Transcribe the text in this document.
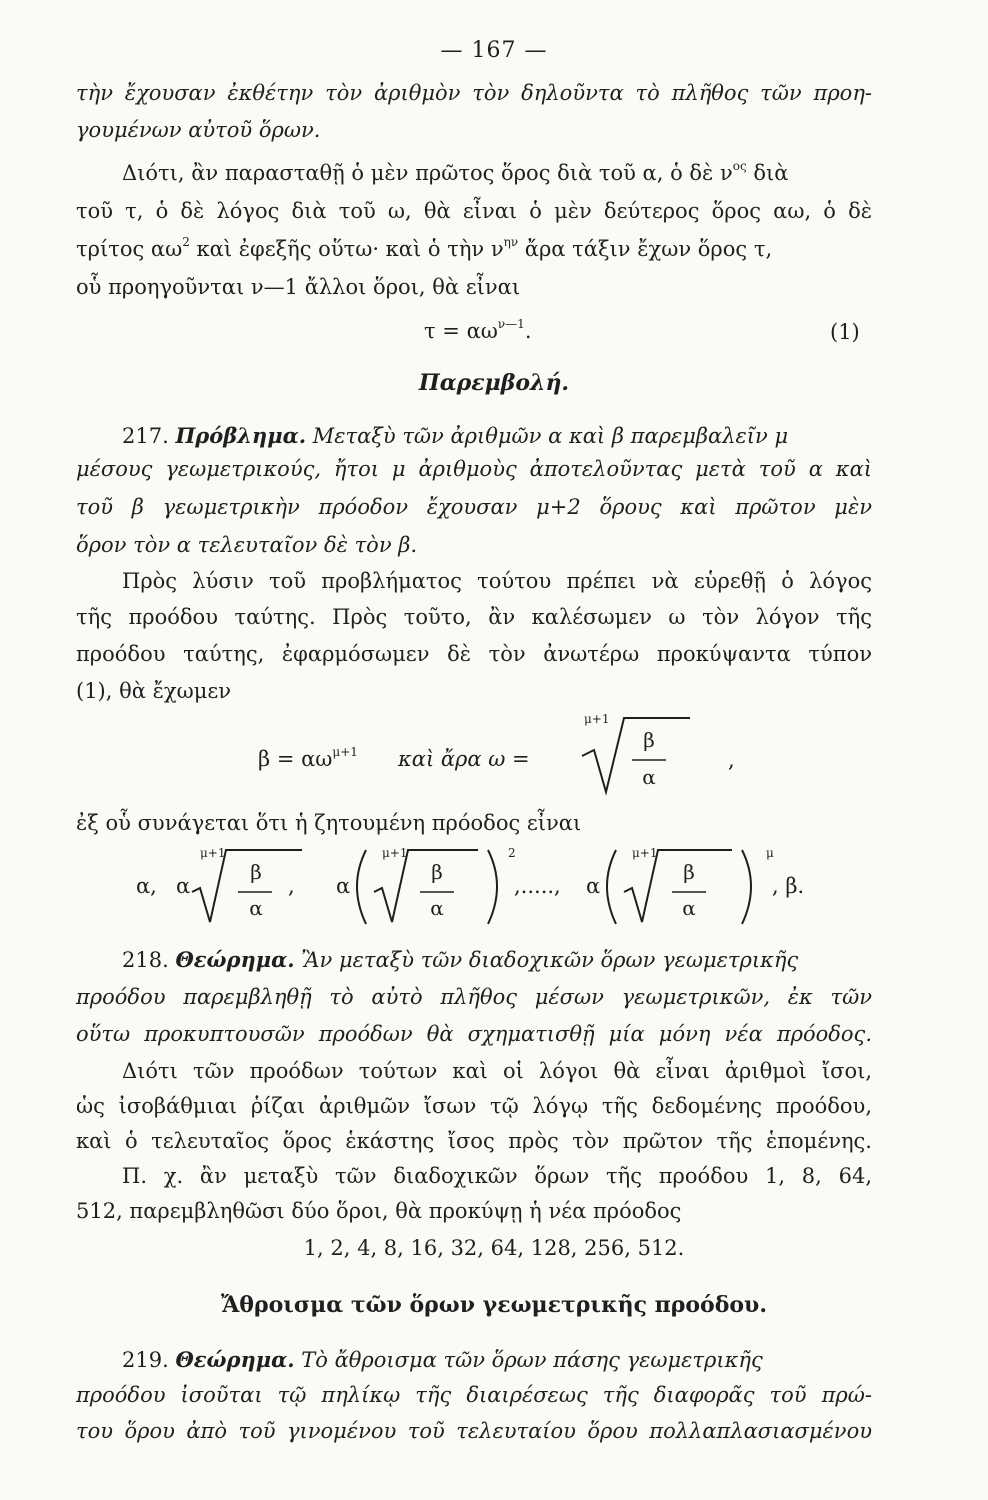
— 167 —
τὴν ἔχουσαν ἐκθέτην τὸν ἀριθμὸν τὸν δηλοῦντα τὸ πλῆθος τῶν προη-
γουμένων αὐτοῦ ὅρων.
Διότι, ἂν παρασταθῇ ὁ μὲν πρῶτος ὅρος διὰ τοῦ α, ὁ δὲ $\nu^{o\varsigma}$ διὰ
τοῦ τ, ὁ δὲ λόγος διὰ τοῦ ω, θὰ εἶναι ὁ μὲν δεύτερος ὅρος αω, ὁ δὲ
τρίτος $\alpha\omega^2$ καὶ ἐφεξῆς οὕτω· καὶ ὁ τὴν $\nu^{\eta\nu}$ ἄρα τάξιν ἔχων ὅρος τ,
οὗ προηγοῦνται ν—1 ἄλλοι ὅροι, θὰ εἶναι
$\tau = \alpha\omega^{\nu—1}$.	(1)
Παρεμβολή.
217. Πρόβλημα. Μεταξὺ τῶν ἀριθμῶν α καὶ β παρεμβαλεῖν μ
μέσους γεωμετρικούς, ἤτοι μ ἀριθμοὺς ἀποτελοῦντας μετὰ τοῦ α καὶ
τοῦ β γεωμετρικὴν πρόοδον ἔχουσαν μ+2 ὅρους καὶ πρῶτον μὲν
ὅρον τὸν α τελευταῖον δὲ τὸν β.
Πρὸς λύσιν τοῦ προβλήματος τούτου πρέπει νὰ εὑρεθῇ ὁ λόγος
τῆς προόδου ταύτης. Πρὸς τοῦτο, ἂν καλέσωμεν ω τὸν λόγον τῆς
προόδου ταύτης, ἐφαρμόσωμεν δὲ τὸν ἀνωτέρω προκύψαντα τύπον
(1), θὰ ἔχωμεν
$\beta = \alpha\omega^{\mu+1}$ καὶ ἄρα ω =
μ+1
β
α
,
ἐξ οὗ συνάγεται ὅτι ἡ ζητουμένη πρόοδος εἶναι
α, α
μ+1
β
α
, α
μ+1
β
α
2
,....., α
μ+1
β
α
μ
, β.
218. Θεώρημα. Ἂν μεταξὺ τῶν διαδοχικῶν ὅρων γεωμετρικῆς
προόδου παρεμβληθῇ τὸ αὐτὸ πλῆθος μέσων γεωμετρικῶν, ἐκ τῶν
οὕτω προκυπτουσῶν προόδων θὰ σχηματισθῇ μία μόνη νέα πρόοδος.
Διότι τῶν προόδων τούτων καὶ οἱ λόγοι θὰ εἶναι ἀριθμοὶ ἴσοι,
ὡς ἰσοβάθμιαι ῥίζαι ἀριθμῶν ἴσων τῷ λόγῳ τῆς δεδομένης προόδου,
καὶ ὁ τελευταῖος ὅρος ἑκάστης ἴσος πρὸς τὸν πρῶτον τῆς ἑπομένης.
Π. χ. ἂν μεταξὺ τῶν διαδοχικῶν ὅρων τῆς προόδου 1, 8, 64,
512, παρεμβληθῶσι δύο ὅροι, θὰ προκύψῃ ἡ νέα πρόοδος
1, 2, 4, 8, 16, 32, 64, 128, 256, 512.
Ἄθροισμα τῶν ὅρων γεωμετρικῆς προόδου.
219. Θεώρημα. Τὸ ἄθροισμα τῶν ὅρων πάσης γεωμετρικῆς
προόδου ἰσοῦται τῷ πηλίκῳ τῆς διαιρέσεως τῆς διαφορᾶς τοῦ πρώ-
του ὅρου ἀπὸ τοῦ γινομένου τοῦ τελευταίου ὅρου πολλαπλασιασμένου
